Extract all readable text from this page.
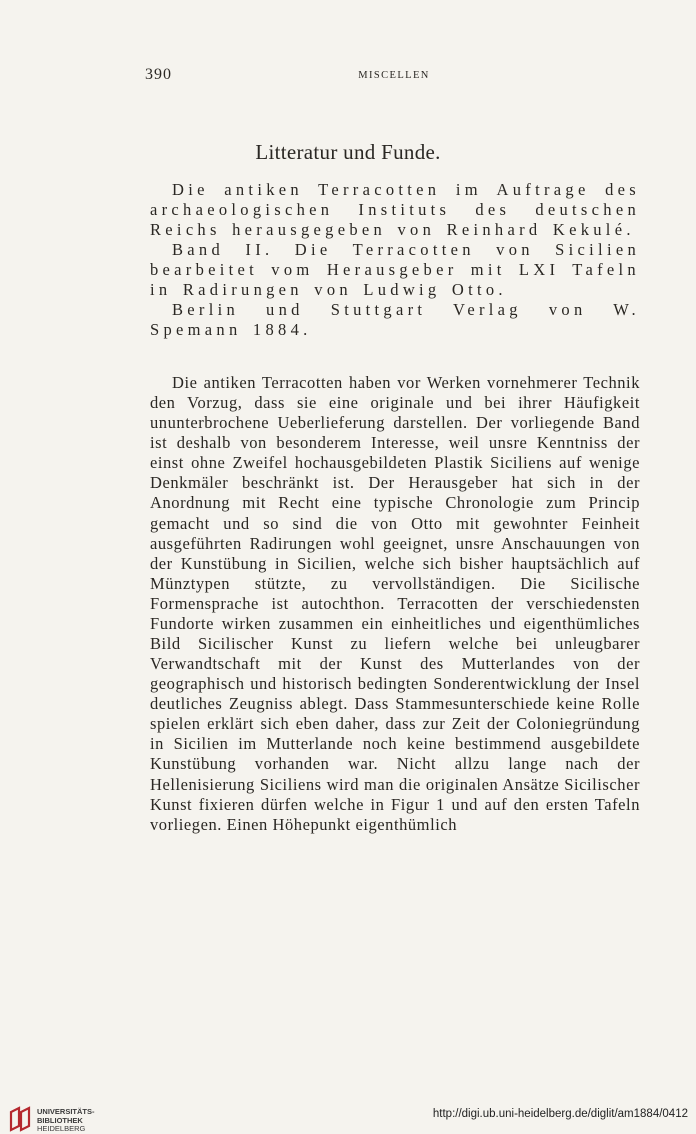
390	MISCELLEN
Litteratur und Funde.

Die antiken Terracotten im Auftrage des archaeologischen Instituts des deutschen Reichs herausgegeben von Reinhard Kekulé.

Band II. Die Terracotten von Sicilien bearbeitet vom Herausgeber mit LXI Tafeln in Radirungen von Ludwig Otto.

Berlin und Stuttgart Verlag von W. Spemann 1884.

Die antiken Terracotten haben vor Werken vornehmerer Technik den Vorzug, dass sie eine originale und bei ihrer Häufigkeit ununterbrochene Ueberlieferung darstellen. Der vorliegende Band ist deshalb von besonderem Interesse, weil unsre Kenntniss der einst ohne Zweifel hochausgebildeten Plastik Siciliens auf wenige Denkmäler beschränkt ist. Der Herausgeber hat sich in der Anordnung mit Recht eine typische Chronologie zum Princip gemacht und so sind die von Otto mit gewohnter Feinheit ausgeführten Radirungen wohl geeignet, unsre Anschauungen von der Kunstübung in Sicilien, welche sich bisher hauptsächlich auf Münztypen stützte, zu vervollständigen. Die Sicilische Formensprache ist autochthon. Terracotten der verschiedensten Fundorte wirken zusammen ein einheitliches und eigenthümliches Bild Sicilischer Kunst zu liefern welche bei unleugbarer Verwandtschaft mit der Kunst des Mutterlandes von der geographisch und historisch bedingten Sonderentwicklung der Insel deutliches Zeugniss ablegt. Dass Stammesunterschiede keine Rolle spielen erklärt sich eben daher, dass zur Zeit der Coloniegründung in Sicilien im Mutterlande noch keine bestimmend ausgebildete Kunstübung vorhanden war. Nicht allzu lange nach der Hellenisierung Siciliens wird man die originalen Ansätze Sicilischer Kunst fixieren dürfen welche in Figur 1 und auf den ersten Tafeln vorliegen. Einen Höhepunkt eigenthümlich

UNIVERSITÄTS-
BIBLIOTHEK
HEIDELBERG
http://digi.ub.uni-heidelberg.de/diglit/am1884/0412
